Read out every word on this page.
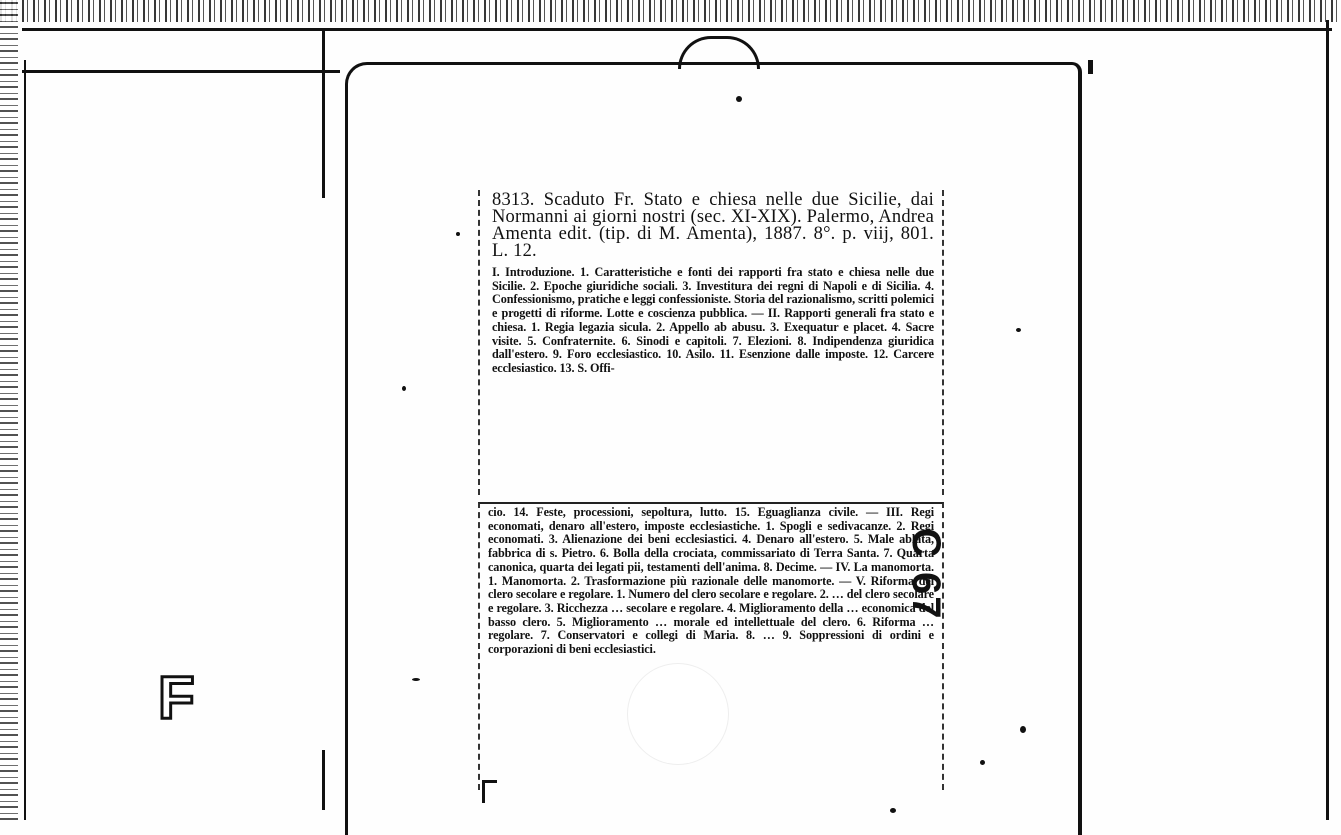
F
C 67

8313. Scaduto Fr. Stato e chiesa nelle due Sicilie, dai Normanni ai giorni nostri (sec. XI-XIX). Palermo, Andrea Amenta edit. (tip. di M. Amenta), 1887. 8°. p. viij, 801. L. 12.

I. Introduzione. 1. Caratteristiche e fonti dei rapporti fra stato e chiesa nelle due Sicilie. 2. Epoche giuridiche sociali. 3. Investitura dei regni di Napoli e di Sicilia. 4. Confessionismo, pratiche e leggi confessioniste. Storia del razionalismo, scritti polemici e progetti di riforme. Lotte e coscienza pubblica. — II. Rapporti generali fra stato e chiesa. 1. Regia legazia sicula. 2. Appello ab abusu. 3. Exequatur e placet. 4. Sacre visite. 5. Confraternite. 6. Sinodi e capitoli. 7. Elezioni. 8. Indipendenza giuridica dall'estero. 9. Foro ecclesiastico. 10. Asilo. 11. Esenzione dalle imposte. 12. Carcere ecclesiastico. 13. S. Offi-

cio. 14. Feste, processioni, sepoltura, lutto. 15. Eguaglianza civile. — III. Regi economati, denaro all'estero, imposte ecclesiastiche. 1. Spogli e sedivacanze. 2. Regi economati. 3. Alienazione dei beni ecclesiastici. 4. Denaro all'estero. 5. Male ablata, fabbrica di s. Pietro. 6. Bolla della crociata, commissariato di Terra Santa. 7. Quarta canonica, quarta dei legati pii, testamenti dell'anima. 8. Decime. — IV. La manomorta. 1. Manomorta. 2. Trasformazione più razionale delle manomorte. — V. Riforma del clero secolare e regolare. 1. Numero del clero secolare e regolare. 2. … del clero secolare e regolare. 3. Ricchezza … secolare e regolare. 4. Miglioramento della … economica del basso clero. 5. Miglioramento … morale ed intellettuale del clero. 6. Riforma … regolare. 7. Conservatori e collegi di Maria. 8. … 9. Soppressioni di ordini e corporazioni di beni ecclesiastici.
